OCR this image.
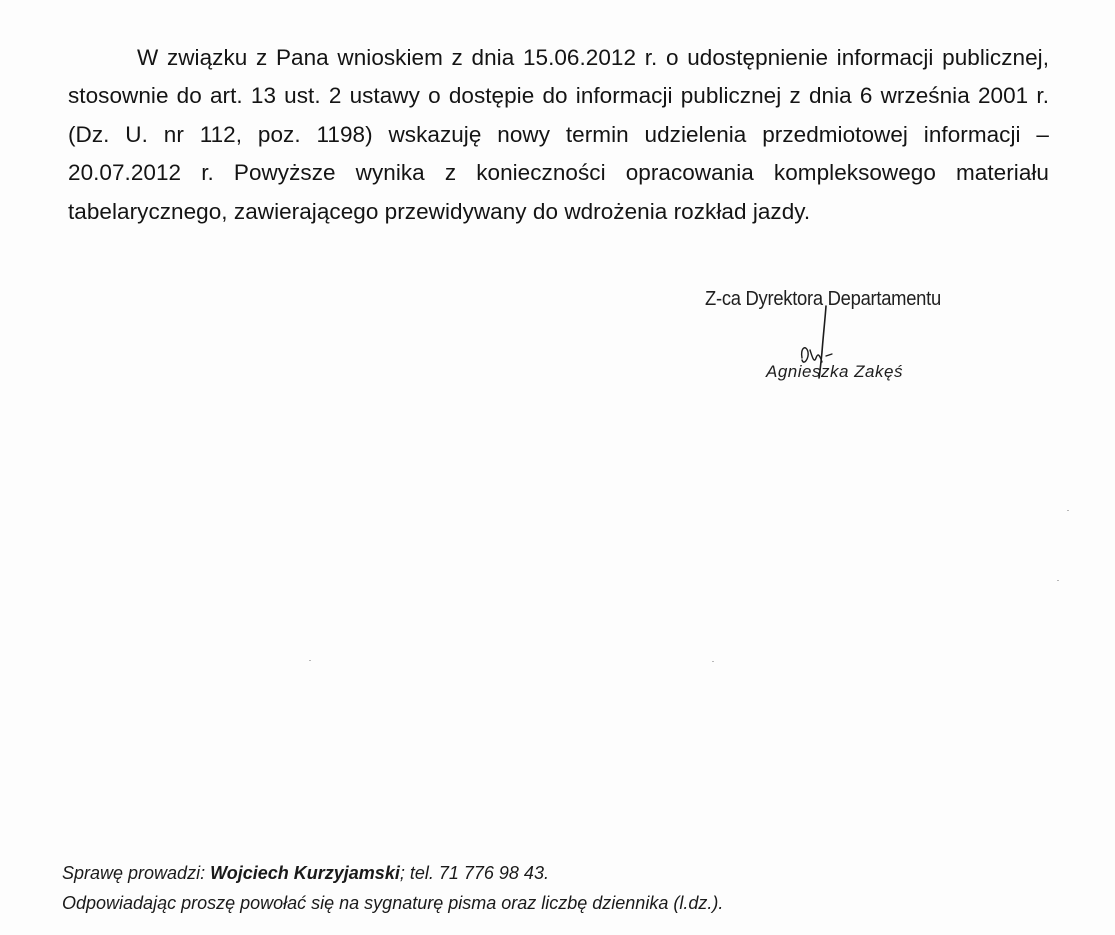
W związku z Pana wnioskiem z dnia 15.06.2012 r. o udostępnienie informacji publicznej, stosownie do art. 13 ust. 2 ustawy o dostępie do informacji publicznej z dnia 6 września 2001 r. (Dz. U. nr 112, poz. 1198) wskazuję nowy termin udzielenia przedmiotowej informacji – 20.07.2012 r. Powyższe wynika z konieczności opracowania kompleksowego materiału tabelarycznego, zawierającego przewidywany do wdrożenia rozkład jazdy.

Z-ca Dyrektora Departamentu
Agnieszka Zakęś
Sprawę prowadzi: Wojciech Kurzyjamski; tel. 71 776 98 43.
Odpowiadając proszę powołać się na sygnaturę pisma oraz liczbę dziennika (l.dz.).
